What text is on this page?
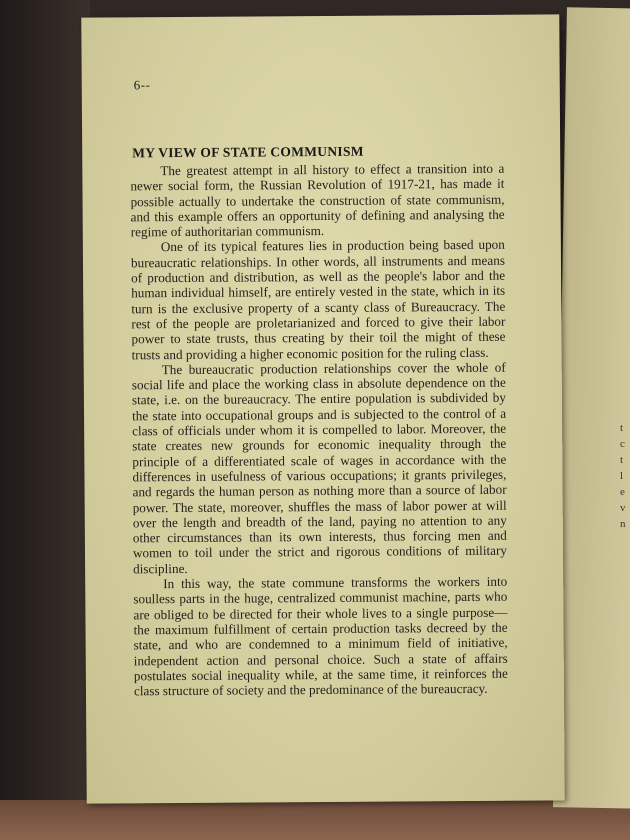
t
c
t
l
e
v
n
6--
MY VIEW OF STATE COMMUNISM

The greatest attempt in all history to effect a transition into a newer social form, the Russian Revolution of 1917-21, has made it possible actually to undertake the construction of state communism, and this example offers an opportunity of defining and analysing the regime of authoritarian communism.

One of its typical features lies in production being based upon bureaucratic relationships. In other words, all instruments and means of production and distribution, as well as the people's labor and the human individual himself, are entirely vested in the state, which in its turn is the exclusive property of a scanty class of Bureaucracy. The rest of the people are proletarianized and forced to give their labor power to state trusts, thus creating by their toil the might of these trusts and providing a higher economic position for the ruling class.

The bureaucratic production relationships cover the whole of social life and place the working class in absolute dependence on the state, i.e. on the bureaucracy. The entire population is subdivided by the state into occupational groups and is subjected to the control of a class of officials under whom it is compelled to labor. Moreover, the state creates new grounds for economic inequality through the principle of a differentiated scale of wages in accordance with the differences in usefulness of various occupations; it grants privileges, and regards the human person as nothing more than a source of labor power. The state, moreover, shuffles the mass of labor power at will over the length and breadth of the land, paying no attention to any other circumstances than its own interests, thus forcing men and women to toil under the strict and rigorous conditions of military discipline.

In this way, the state commune transforms the workers into soulless parts in the huge, centralized communist machine, parts who are obliged to be directed for their whole lives to a single purpose—the maximum fulfillment of certain production tasks decreed by the state, and who are condemned to a minimum field of initiative, independent action and personal choice. Such a state of affairs postulates social inequality while, at the same time, it reinforces the class structure of society and the predominance of the bureaucracy.
